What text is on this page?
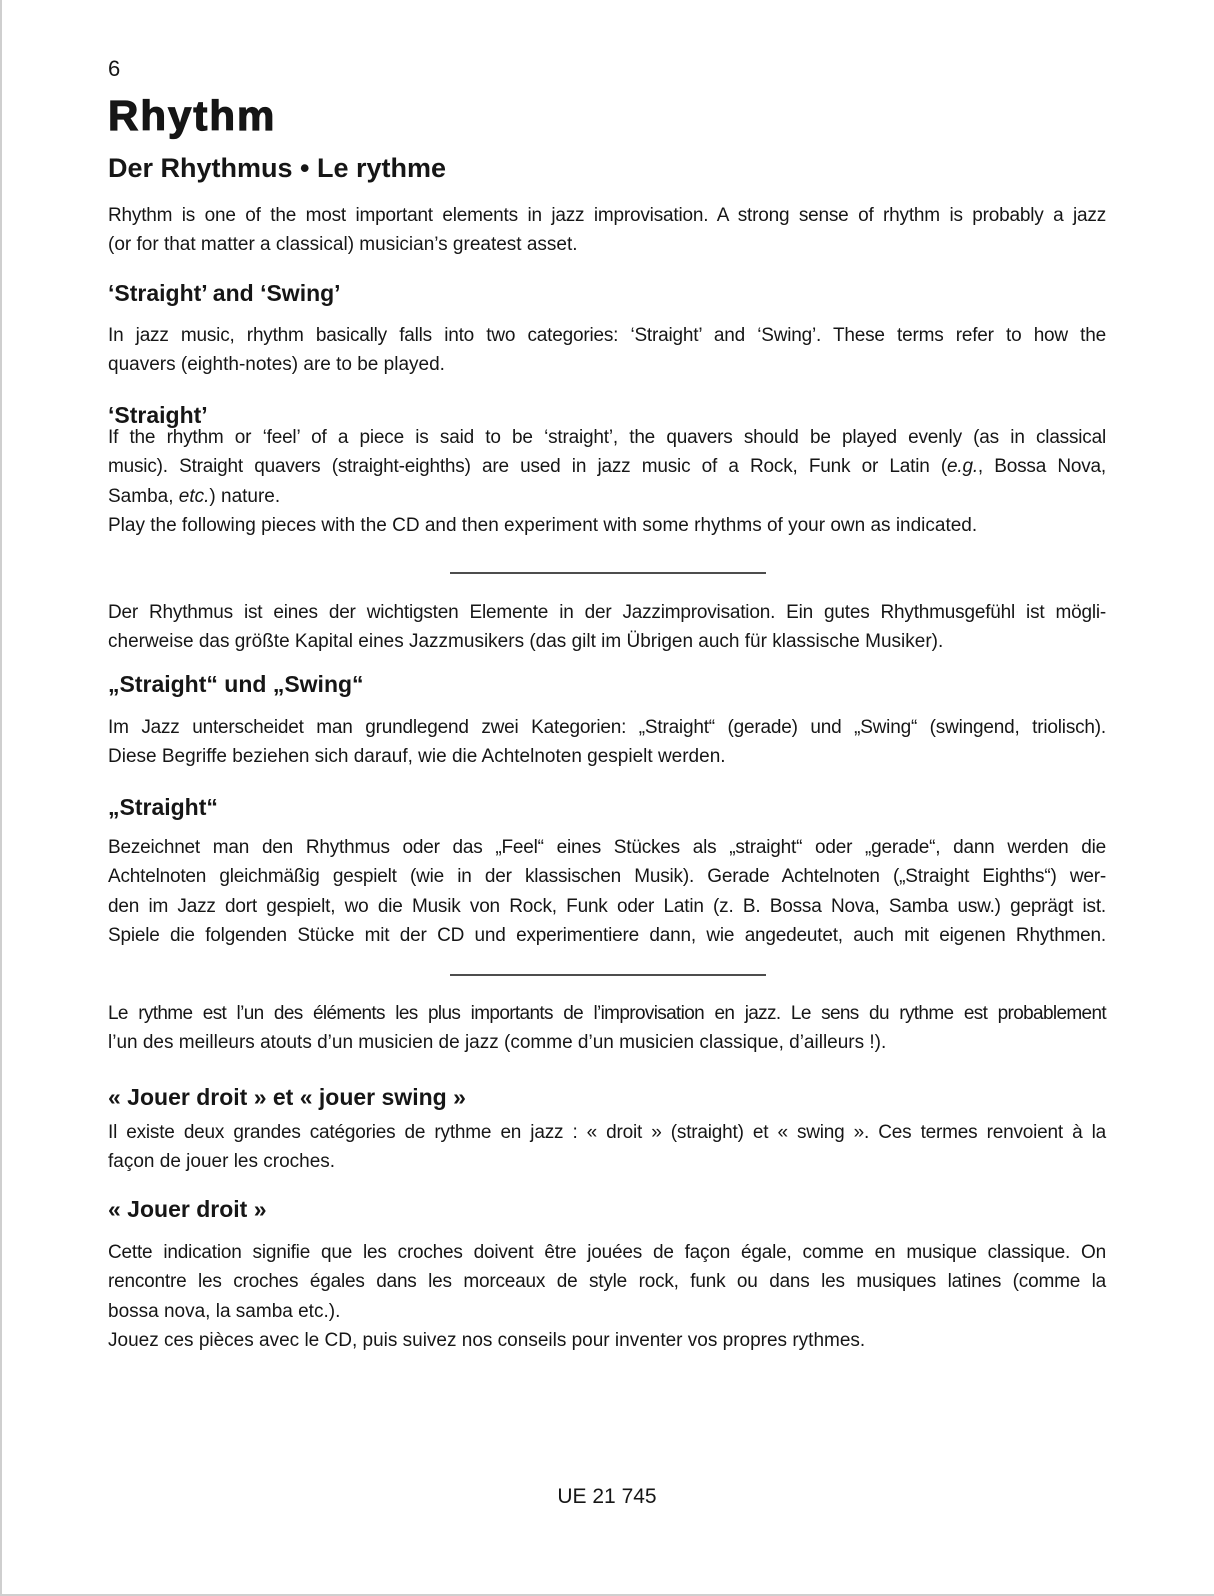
6
Rhythm
Der Rhythmus • Le rythme
Rhythm is one of the most important elements in jazz improvisation. A strong sense of rhythm is probably a jazz
(or for that matter a classical) musician’s greatest asset.
‘Straight’ and ‘Swing’
In jazz music, rhythm basically falls into two categories: ‘Straight’ and ‘Swing’. These terms refer to how the
quavers (eighth-notes) are to be played.
‘Straight’
If the rhythm or ‘feel’ of a piece is said to be ‘straight’, the quavers should be played evenly (as in classical
music). Straight quavers (straight-eighths) are used in jazz music of a Rock, Funk or Latin (e.g., Bossa Nova,
Samba, etc.) nature.
Play the following pieces with the CD and then experiment with some rhythms of your own as indicated.
Der Rhythmus ist eines der wichtigsten Elemente in der Jazzimprovisation. Ein gutes Rhythmusgefühl ist mögli-
cherweise das größte Kapital eines Jazzmusikers (das gilt im Übrigen auch für klassische Musiker).
„Straight“ und „Swing“
Im Jazz unterscheidet man grundlegend zwei Kategorien: „Straight“ (gerade) und „Swing“ (swingend, triolisch).
Diese Begriffe beziehen sich darauf, wie die Achtelnoten gespielt werden.
„Straight“
Bezeichnet man den Rhythmus oder das „Feel“ eines Stückes als „straight“ oder „gerade“, dann werden die
Achtelnoten gleichmäßig gespielt (wie in der klassischen Musik). Gerade Achtelnoten („Straight Eighths“) wer-
den im Jazz dort gespielt, wo die Musik von Rock, Funk oder Latin (z. B. Bossa Nova, Samba usw.) geprägt ist.
Spiele die folgenden Stücke mit der CD und experimentiere dann, wie angedeutet, auch mit eigenen Rhythmen.
Le rythme est l’un des éléments les plus importants de l’improvisation en jazz. Le sens du rythme est probablement
l’un des meilleurs atouts d’un musicien de jazz (comme d’un musicien classique, d’ailleurs !).
« Jouer droit » et « jouer swing »
Il existe deux grandes catégories de rythme en jazz : « droit » (straight) et « swing ». Ces termes renvoient à la
façon de jouer les croches.
« Jouer droit »
Cette indication signifie que les croches doivent être jouées de façon égale, comme en musique classique. On
rencontre les croches égales dans les morceaux de style rock, funk ou dans les musiques latines (comme la
bossa nova, la samba etc.).
Jouez ces pièces avec le CD, puis suivez nos conseils pour inventer vos propres rythmes.
UE 21 745
